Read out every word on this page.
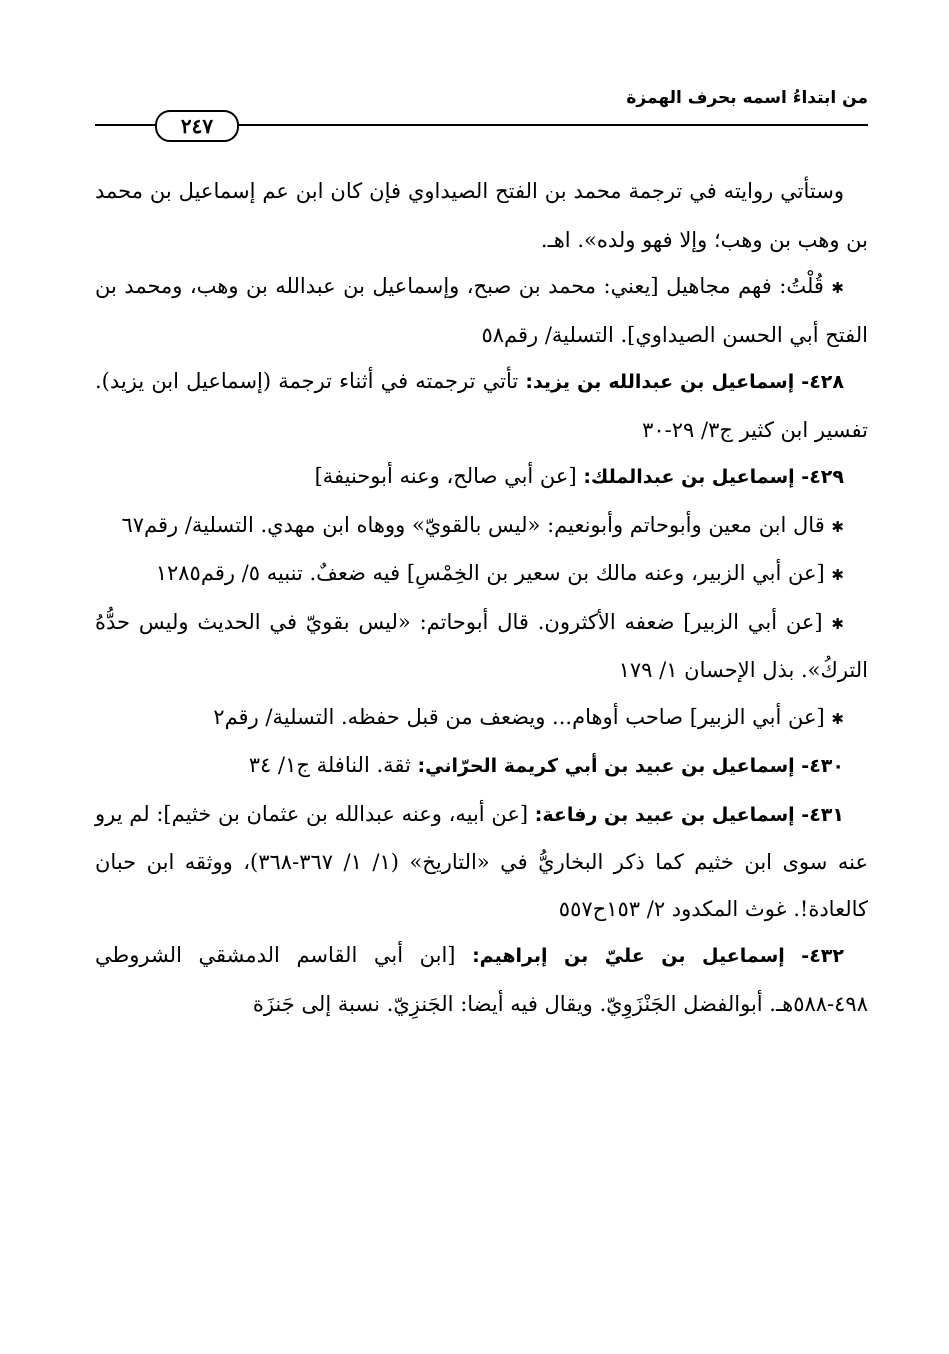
من ابتداءُ اسمه بحرف الهمزة
٢٤٧

وستأتي روايته في ترجمة محمد بن الفتح الصيداوي فإن كان ابن عم إسماعيل بن محمد بن وهب بن وهب؛ وإلا فهو ولده». اهـ.

✱ قُلْتُ: فهم مجاهيل [يعني: محمد بن صبح، وإسماعيل بن عبدالله بن وهب، ومحمد بن الفتح أبي الحسن الصيداوي]. التسلية/ رقم٥٨

٤٢٨- إسماعيل بن عبدالله بن يزيد: تأتي ترجمته في أثناء ترجمة (إسماعيل ابن يزيد). تفسير ابن كثير ج٣/ ٢٩-٣٠

٤٢٩- إسماعيل بن عبدالملك: [عن أبي صالح، وعنه أبوحنيفة]

✱ قال ابن معين وأبوحاتم وأبونعيم: «ليس بالقويّ» ووهاه ابن مهدي. التسلية/ رقم٦٧

✱ [عن أبي الزبير، وعنه مالك بن سعير بن الخِمْسِ] فيه ضعفٌ. تنبيه ٥/ رقم١٢٨٥

✱ [عن أبي الزبير] ضعفه الأكثرون. قال أبوحاتم: «ليس بقويّ في الحديث وليس حدُّهُ التركُ». بذل الإحسان ١/ ١٧٩

✱ [عن أبي الزبير] صاحب أوهام... ويضعف من قبل حفظه. التسلية/ رقم٢

٤٣٠- إسماعيل بن عبيد بن أبي كريمة الحرّاني: ثقة. النافلة ج١/ ٣٤

٤٣١- إسماعيل بن عبيد بن رفاعة: [عن أبيه، وعنه عبدالله بن عثمان بن خثيم]: لم يرو عنه سوى ابن خثيم كما ذكر البخاريُّ في «التاريخ» (١/ ١/ ٣٦٧-٣٦٨)، ووثقه ابن حبان كالعادة!. غوث المكدود ٢/ ١٥٣ح٥٥٧

٤٣٢- إسماعيل بن عليّ بن إبراهيم: [ابن أبي القاسم الدمشقي الشروطي ٤٩٨-٥٨٨هـ. أبوالفضل الجَنْزَوِيّ. ويقال فيه أيضا: الجَنزِيّ. نسبة إلى جَنزَة
